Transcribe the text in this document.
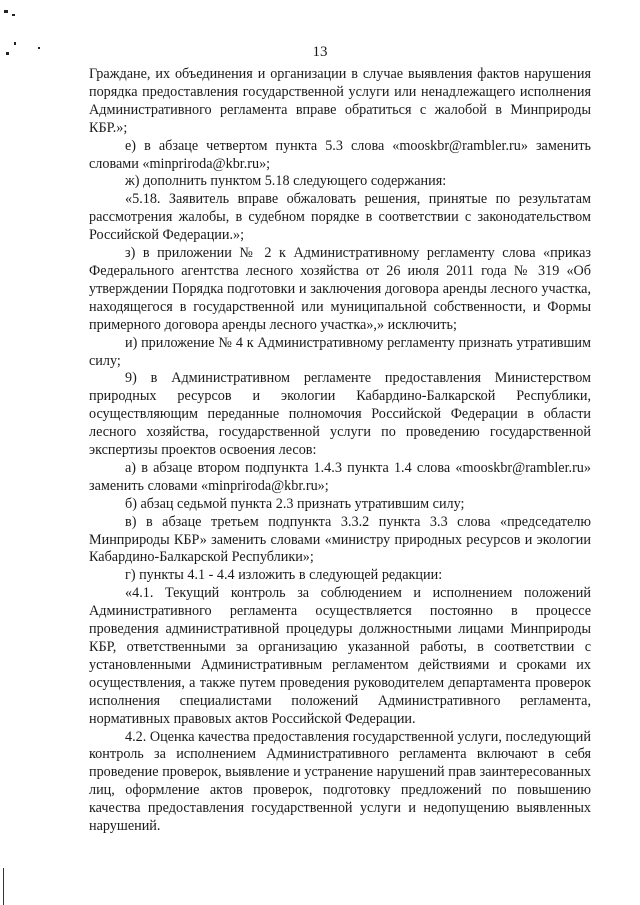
13

Граждане, их объединения и организации в случае выявления фактов нарушения порядка предоставления государственной услуги или ненадлежащего исполнения Административного регламента вправе обратиться с жалобой в Минприроды КБР.»;

е) в абзаце четвертом пункта 5.3 слова «mooskbr@rambler.ru» заменить словами «minpriroda@kbr.ru»;

ж) дополнить пунктом 5.18 следующего содержания:

«5.18. Заявитель вправе обжаловать решения, принятые по результатам рассмотрения жалобы, в судебном порядке в соответствии с законодательством Российской Федерации.»;

з) в приложении № 2 к Административному регламенту слова «приказ Федерального агентства лесного хозяйства от 26 июля 2011 года № 319 «Об утверждении Порядка подготовки и заключения договора аренды лесного участка, находящегося в государственной или муниципальной собственности, и Формы примерного договора аренды лесного участка»,» исключить;

и) приложение № 4 к Административному регламенту признать утратившим силу;

9) в Административном регламенте предоставления Министерством природных ресурсов и экологии Кабардино-Балкарской Республики, осуществляющим переданные полномочия Российской Федерации в области лесного хозяйства, государственной услуги по проведению государственной экспертизы проектов освоения лесов:

а) в абзаце втором подпункта 1.4.3 пункта 1.4 слова «mooskbr@rambler.ru» заменить словами «minpriroda@kbr.ru»;

б) абзац седьмой пункта 2.3 признать утратившим силу;

в) в абзаце третьем подпункта 3.3.2 пункта 3.3 слова «председателю Минприроды КБР» заменить словами «министру природных ресурсов и экологии Кабардино-Балкарской Республики»;

г) пункты 4.1 - 4.4 изложить в следующей редакции:

«4.1. Текущий контроль за соблюдением и исполнением положений Административного регламента осуществляется постоянно в процессе проведения административной процедуры должностными лицами Минприроды КБР, ответственными за организацию указанной работы, в соответствии с установленными Административным регламентом действиями и сроками их осуществления, а также путем проведения руководителем департамента проверок исполнения специалистами положений Административного регламента, нормативных правовых актов Российской Федерации.

4.2. Оценка качества предоставления государственной услуги, последующий контроль за исполнением Административного регламента включают в себя проведение проверок, выявление и устранение нарушений прав заинтересованных лиц, оформление актов проверок, подготовку предложений по повышению качества предоставления государственной услуги и недопущению выявленных нарушений.
